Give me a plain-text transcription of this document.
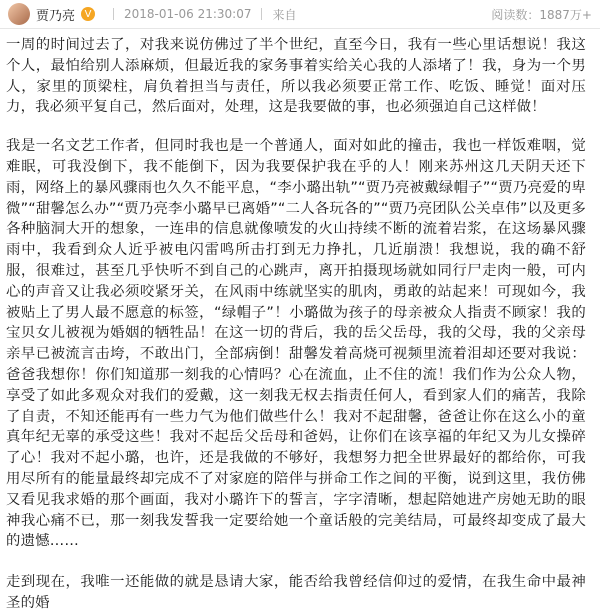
贾乃亮 V	2018-01-06 21:30:07 来自	阅读数：1887万+

一周的时间过去了，对我来说仿佛过了半个世纪，直至今日，我有一些心里话想说！我这个人，最怕给别人添麻烦，但最近我的家务事着实给关心我的人添堵了！我，身为一个男人，家里的顶梁柱，肩负着担当与责任，所以我必须要正常工作、吃饭、睡觉！面对压力，我必须平复自己，然后面对，处理，这是我要做的事，也必须强迫自己这样做！

我是一名文艺工作者，但同时我也是一个普通人，面对如此的撞击，我也一样饭难咽，觉难眠，可我没倒下，我不能倒下，因为我要保护我在乎的人！刚来苏州这几天阴天还下雨，网络上的暴风骤雨也久久不能平息，“李小璐出轨”“贾乃亮被戴绿帽子”“贾乃亮爱的卑微”“甜馨怎么办”“贾乃亮李小璐早已离婚”“二人各玩各的”“贾乃亮团队公关卓伟”以及更多各种脑洞大开的想象，一连串的信息就像喷发的火山持续不断的流着岩浆，在这场暴风骤雨中，我看到众人近乎被电闪雷鸣所击打到无力挣扎，几近崩溃！我想说，我的确不舒服，很难过，甚至几乎快听不到自己的心跳声，离开拍摄现场就如同行尸走肉一般，可内心的声音又让我必须咬紧牙关，在风雨中练就坚实的肌肉，勇敢的站起来！可现如今，我被贴上了男人最不愿意的标签，“绿帽子”！小璐做为孩子的母亲被众人指责不顾家！我的宝贝女儿被视为婚姻的牺牲品！在这一切的背后，我的岳父岳母，我的父母，我的父亲母亲早已被流言击垮，不敢出门，全部病倒！甜馨发着高烧可视频里流着泪却还要对我说：爸爸我想你！你们知道那一刻我的心情吗？心在流血，止不住的流！我们作为公众人物，享受了如此多观众对我们的爱戴，这一刻我无权去指责任何人，看到家人们的痛苦，我除了自责，不知还能再有一些力气为他们做些什么！我对不起甜馨，爸爸让你在这么小的童真年纪无辜的承受这些！我对不起岳父岳母和爸妈，让你们在该享福的年纪又为儿女操碎了心！我对不起小璐，也许，还是我做的不够好，我想努力把全世界最好的都给你，可我用尽所有的能量最终却完成不了对家庭的陪伴与拼命工作之间的平衡，说到这里，我仿佛又看见我求婚的那个画面，我对小璐许下的誓言，字字清晰，想起陪她进产房她无助的眼神我心痛不已，那一刻我发誓我一定要给她一个童话般的完美结局，可最终却变成了最大的遗憾……

走到现在，我唯一还能做的就是恳请大家，能否给我曾经信仰过的爱情，在我生命中最神圣的婚
